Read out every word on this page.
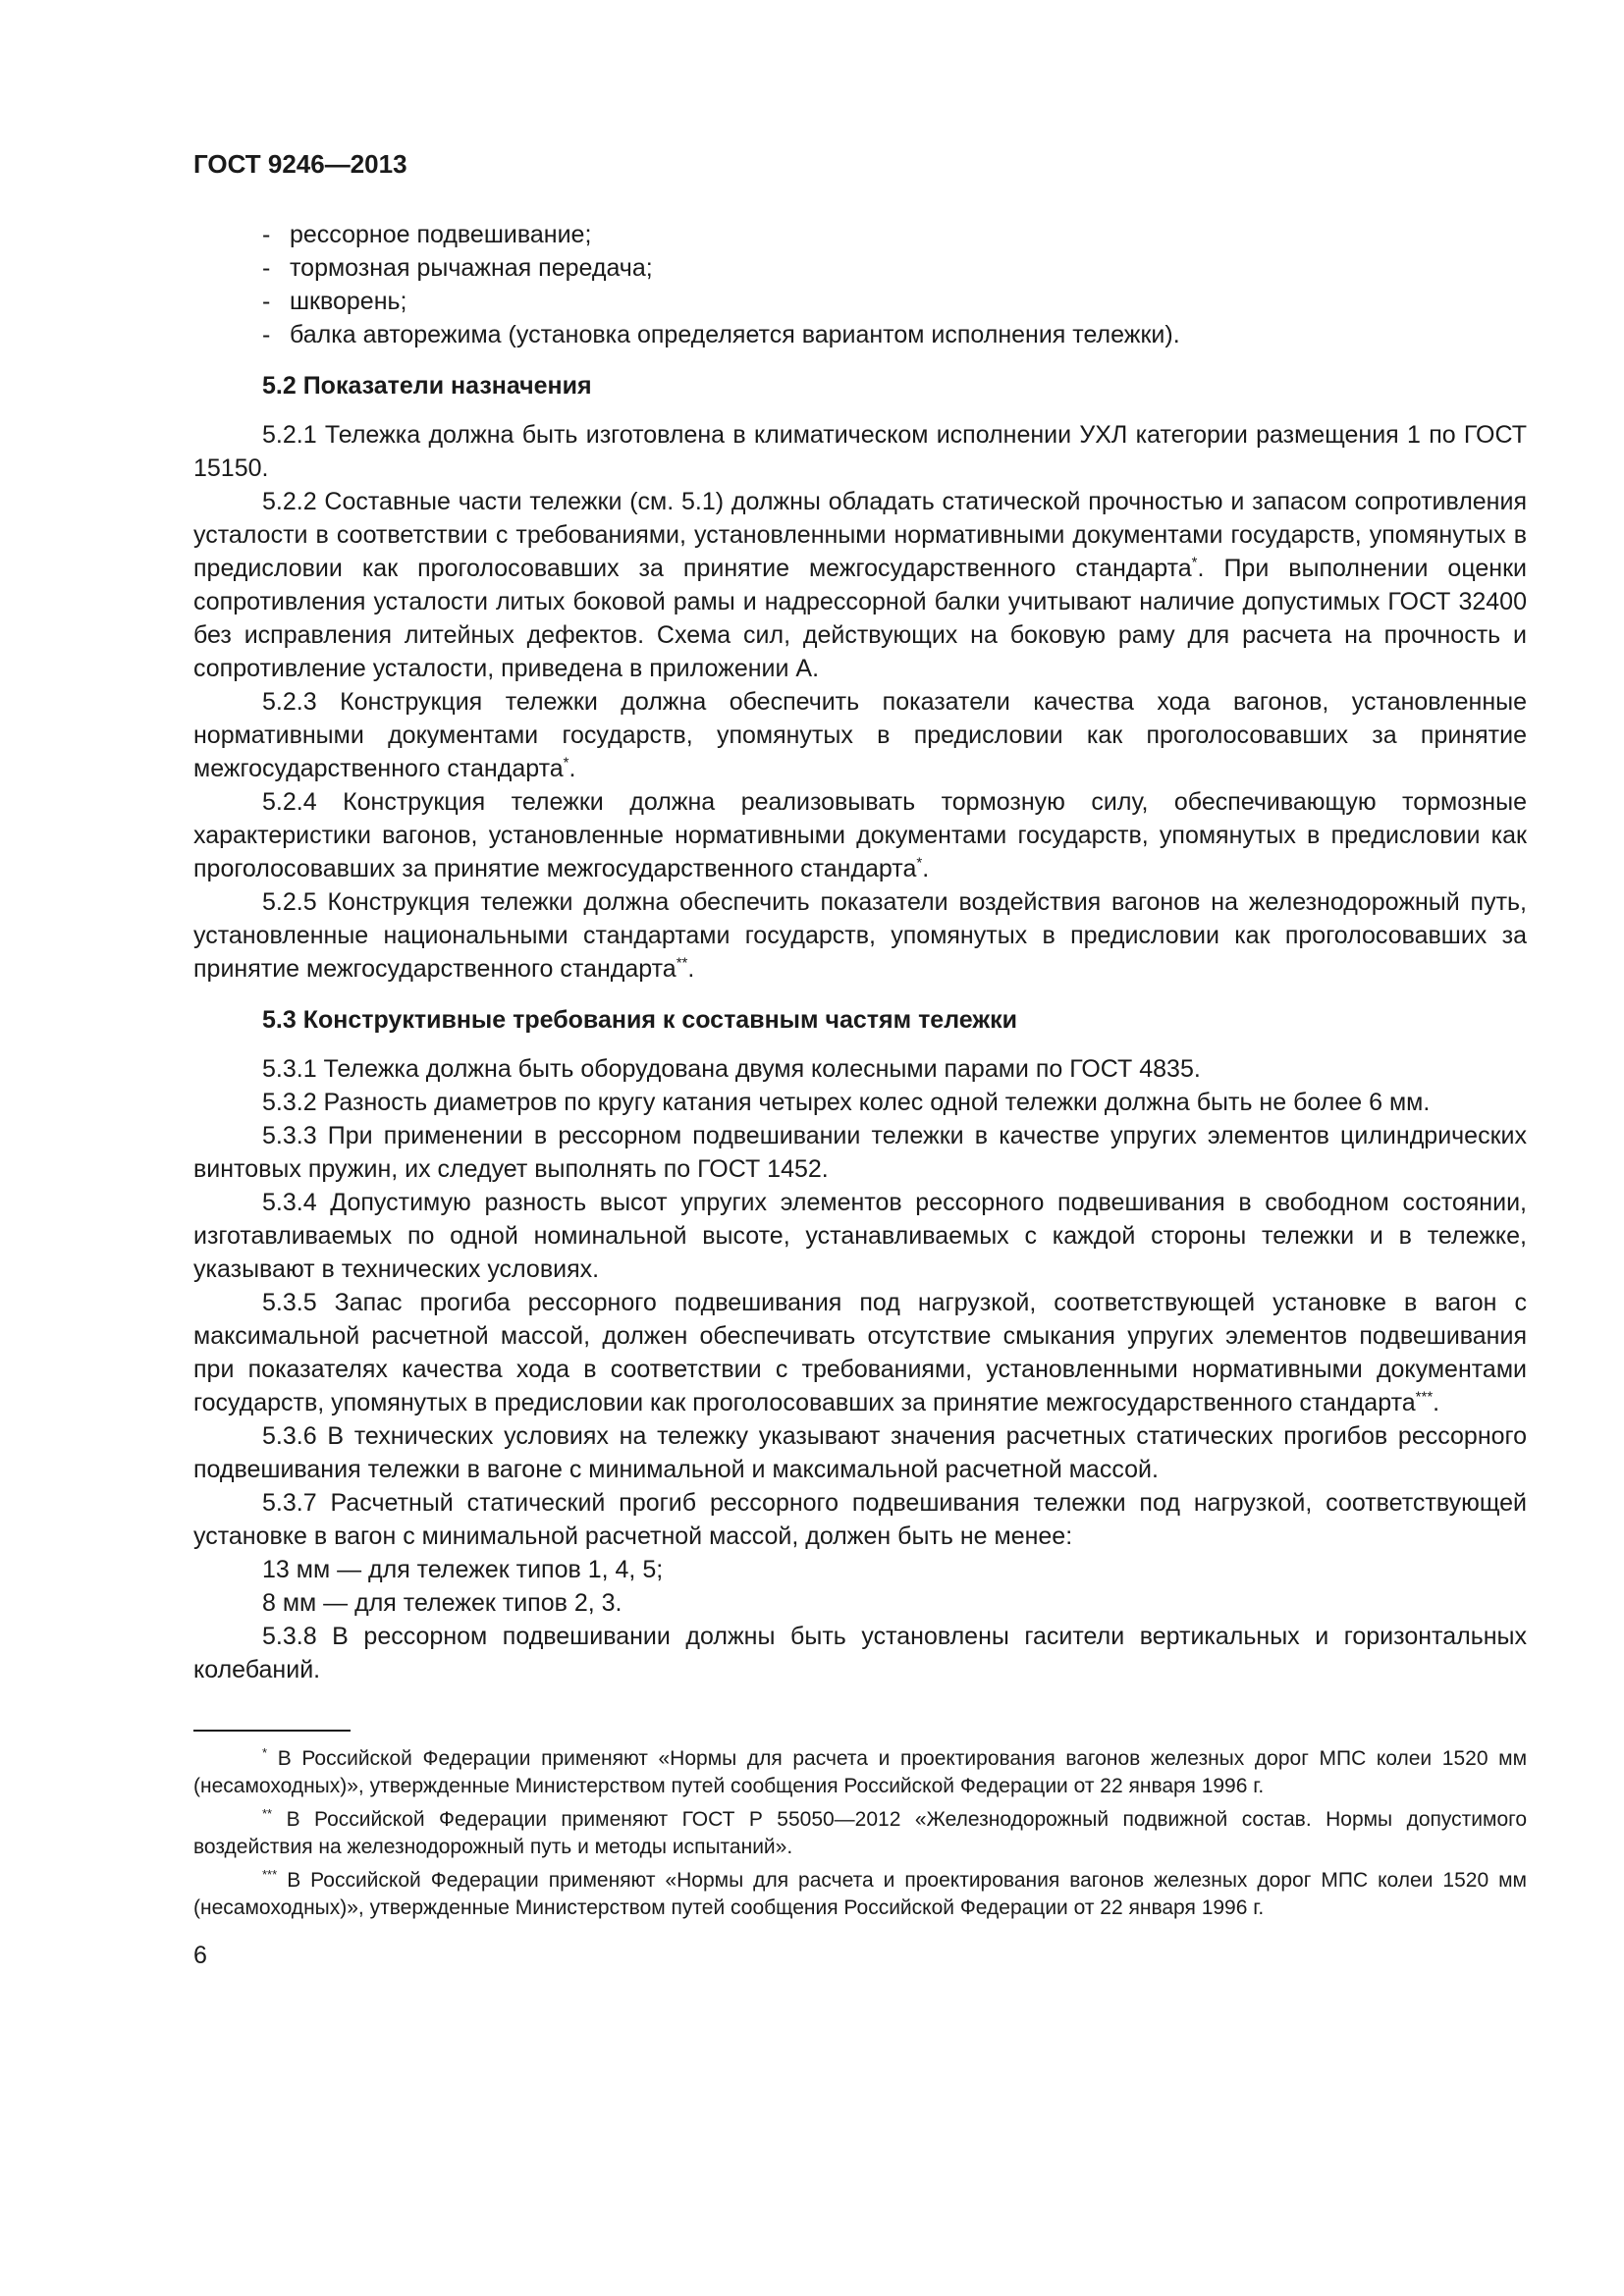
ГОСТ 9246—2013
- рессорное подвешивание;
- тормозная рычажная передача;
- шкворень;
- балка авторежима (установка определяется вариантом исполнения тележки).

5.2 Показатели назначения

5.2.1 Тележка должна быть изготовлена в климатическом исполнении УХЛ категории размещения 1 по ГОСТ 15150.

5.2.2 Составные части тележки (см. 5.1) должны обладать статической прочностью и запасом сопротивления усталости в соответствии с требованиями, установленными нормативными документами государств, упомянутых в предисловии как проголосовавших за принятие межгосударственного стандарта*. При выполнении оценки сопротивления усталости литых боковой рамы и надрессорной балки учитывают наличие допустимых ГОСТ 32400 без исправления литейных дефектов. Схема сил, действующих на боковую раму для расчета на прочность и сопротивление усталости, приведена в приложении А.

5.2.3 Конструкция тележки должна обеспечить показатели качества хода вагонов, установленные нормативными документами государств, упомянутых в предисловии как проголосовавших за принятие межгосударственного стандарта*.

5.2.4 Конструкция тележки должна реализовывать тормозную силу, обеспечивающую тормозные характеристики вагонов, установленные нормативными документами государств, упомянутых в предисловии как проголосовавших за принятие межгосударственного стандарта*.

5.2.5 Конструкция тележки должна обеспечить показатели воздействия вагонов на железнодорожный путь, установленные национальными стандартами государств, упомянутых в предисловии как проголосовавших за принятие межгосударственного стандарта**.

5.3 Конструктивные требования к составным частям тележки

5.3.1 Тележка должна быть оборудована двумя колесными парами по ГОСТ 4835.

5.3.2 Разность диаметров по кругу катания четырех колес одной тележки должна быть не более 6 мм.

5.3.3 При применении в рессорном подвешивании тележки в качестве упругих элементов цилиндрических винтовых пружин, их следует выполнять по ГОСТ 1452.

5.3.4 Допустимую разность высот упругих элементов рессорного подвешивания в свободном состоянии, изготавливаемых по одной номинальной высоте, устанавливаемых с каждой стороны тележки и в тележке, указывают в технических условиях.

5.3.5 Запас прогиба рессорного подвешивания под нагрузкой, соответствующей установке в вагон с максимальной расчетной массой, должен обеспечивать отсутствие смыкания упругих элементов подвешивания при показателях качества хода в соответствии с требованиями, установленными нормативными документами государств, упомянутых в предисловии как проголосовавших за принятие межгосударственного стандарта***.

5.3.6 В технических условиях на тележку указывают значения расчетных статических прогибов рессорного подвешивания тележки в вагоне с минимальной и максимальной расчетной массой.

5.3.7 Расчетный статический прогиб рессорного подвешивания тележки под нагрузкой, соответствующей установке в вагон с минимальной расчетной массой, должен быть не менее:

13 мм — для тележек типов 1, 4, 5;

8 мм — для тележек типов 2, 3.

5.3.8 В рессорном подвешивании должны быть установлены гасители вертикальных и горизонтальных колебаний.

* В Российской Федерации применяют «Нормы для расчета и проектирования вагонов железных дорог МПС колеи 1520 мм (несамоходных)», утвержденные Министерством путей сообщения Российской Федерации от 22 января 1996 г.

** В Российской Федерации применяют ГОСТ Р 55050—2012 «Железнодорожный подвижной состав. Нормы допустимого воздействия на железнодорожный путь и методы испытаний».

*** В Российской Федерации применяют «Нормы для расчета и проектирования вагонов железных дорог МПС колеи 1520 мм (несамоходных)», утвержденные Министерством путей сообщения Российской Федерации от 22 января 1996 г.

6
